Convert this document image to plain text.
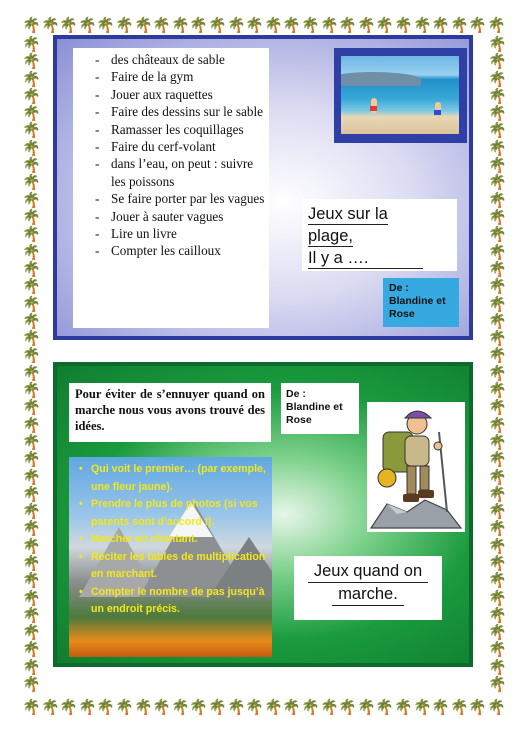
🌴
🌴
🌴
🌴
🌴
🌴
🌴
🌴
🌴
🌴
🌴
🌴
🌴
🌴
🌴
🌴
🌴
🌴
🌴
🌴
🌴
🌴
🌴
🌴
🌴
🌴
🌴
🌴
🌴
🌴
🌴
🌴
🌴
🌴
🌴
🌴
🌴
🌴
🌴
🌴
🌴
🌴
🌴
🌴
🌴
🌴
🌴
🌴
🌴
🌴
🌴
🌴
🌴	🌴
🌴	🌴
🌴	🌴
🌴	🌴
🌴	🌴
🌴	🌴
🌴	🌴
🌴	🌴
🌴	🌴
🌴	🌴
🌴	🌴
🌴	🌴
🌴	🌴
🌴	🌴
🌴	🌴
🌴	🌴
🌴	🌴
🌴	🌴
🌴	🌴
🌴	🌴
🌴	🌴
🌴	🌴
🌴	🌴
🌴	🌴
🌴	🌴
🌴	🌴
🌴	🌴
🌴	🌴
🌴	🌴
🌴	🌴
🌴	🌴
🌴	🌴
🌴	🌴
🌴	🌴
🌴	🌴
🌴	🌴
🌴	🌴
🌴	🌴
- des châteaux de sable
- Faire de la gym
- Jouer aux raquettes
- Faire des dessins sur le sable
- Ramasser les coquillages
- Faire du cerf-volant
- dans l’eau, on peut : suivre les poissons
- Se faire porter par les vagues
- Jouer à sauter vagues
- Lire un livre
- Compter les cailloux
Jeux sur la
plage,
Il y a ….
De :
Blandine et
Rose
Pour éviter de s’ennuyer quand on marche nous vous avons trouvé des idées.
De :
Blandine et
Rose
• Qui voit le premier… (par exemple, une fleur jaune).
• Prendre le plus de photos (si vos parents sont d’accord !).
• Marcher en chantant.
• Réciter les tables de multiplication en marchant.
• Compter le nombre de pas jusqu’à un endroit précis.
Jeux quand on
marche.
